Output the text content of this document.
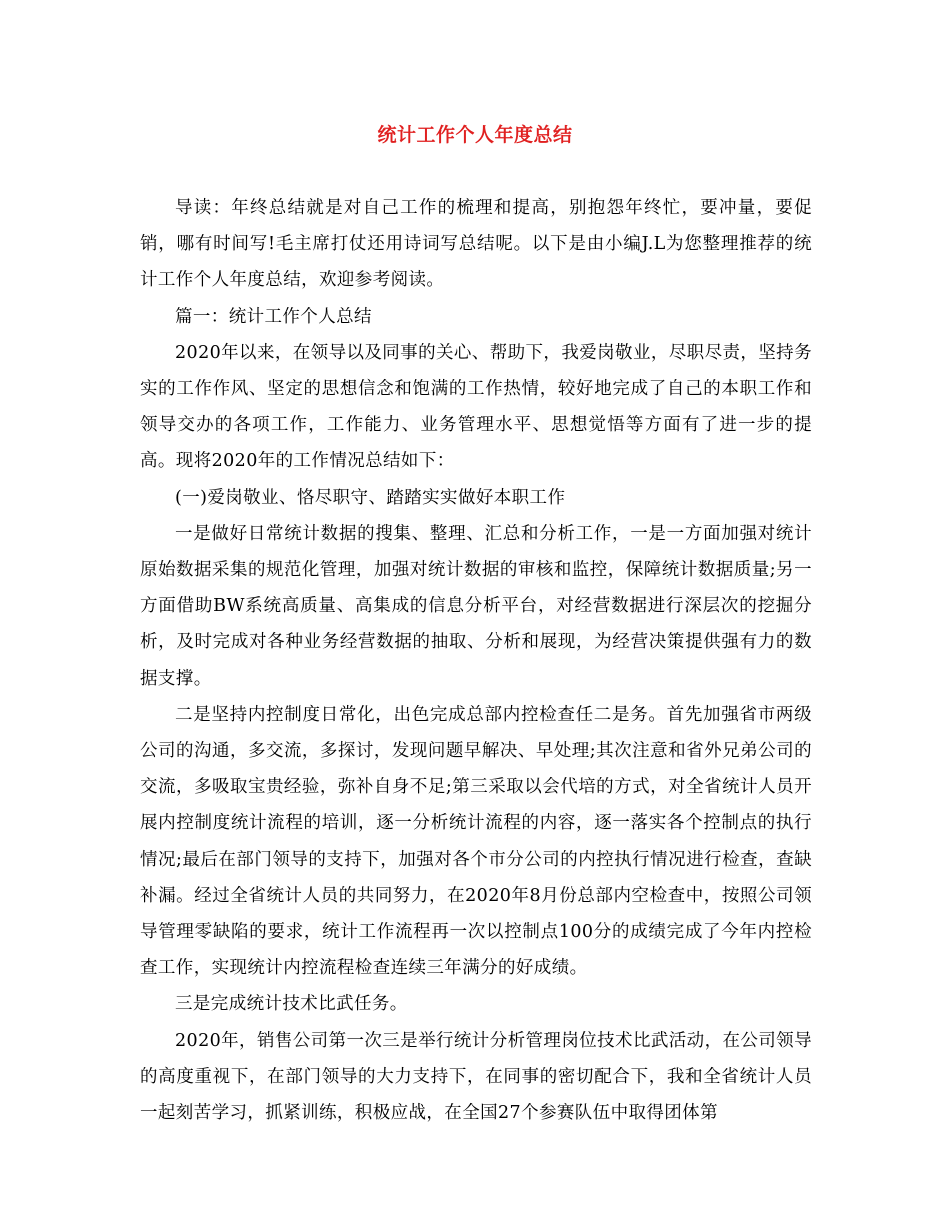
统计工作个人年度总结

导读：年终总结就是对自己工作的梳理和提高，别抱怨年终忙，要冲量，要促销，哪有时间写!毛主席打仗还用诗词写总结呢。以下是由小编J.L为您整理推荐的统计工作个人年度总结，欢迎参考阅读。

篇一：统计工作个人总结

2020年以来，在领导以及同事的关心、帮助下，我爱岗敬业，尽职尽责，坚持务实的工作作风、坚定的思想信念和饱满的工作热情，较好地完成了自己的本职工作和领导交办的各项工作，工作能力、业务管理水平、思想觉悟等方面有了进一步的提高。现将2020年的工作情况总结如下：

(一)爱岗敬业、恪尽职守、踏踏实实做好本职工作

一是做好日常统计数据的搜集、整理、汇总和分析工作，一是一方面加强对统计原始数据采集的规范化管理，加强对统计数据的审核和监控，保障统计数据质量;另一方面借助BW系统高质量、高集成的信息分析平台，对经营数据进行深层次的挖掘分析，及时完成对各种业务经营数据的抽取、分析和展现，为经营决策提供强有力的数据支撑。

二是坚持内控制度日常化，出色完成总部内控检查任二是务。首先加强省市两级公司的沟通，多交流，多探讨，发现问题早解决、早处理;其次注意和省外兄弟公司的交流，多吸取宝贵经验，弥补自身不足;第三采取以会代培的方式，对全省统计人员开展内控制度统计流程的培训，逐一分析统计流程的内容，逐一落实各个控制点的执行情况;最后在部门领导的支持下，加强对各个市分公司的内控执行情况进行检查，查缺补漏。经过全省统计人员的共同努力，在2020年8月份总部内空检查中，按照公司领导管理零缺陷的要求，统计工作流程再一次以控制点100分的成绩完成了今年内控检查工作，实现统计内控流程检查连续三年满分的好成绩。

三是完成统计技术比武任务。

2020年，销售公司第一次三是举行统计分析管理岗位技术比武活动，在公司领导的高度重视下，在部门领导的大力支持下，在同事的密切配合下，我和全省统计人员一起刻苦学习，抓紧训练，积极应战，在全国27个参赛队伍中取得团体第
